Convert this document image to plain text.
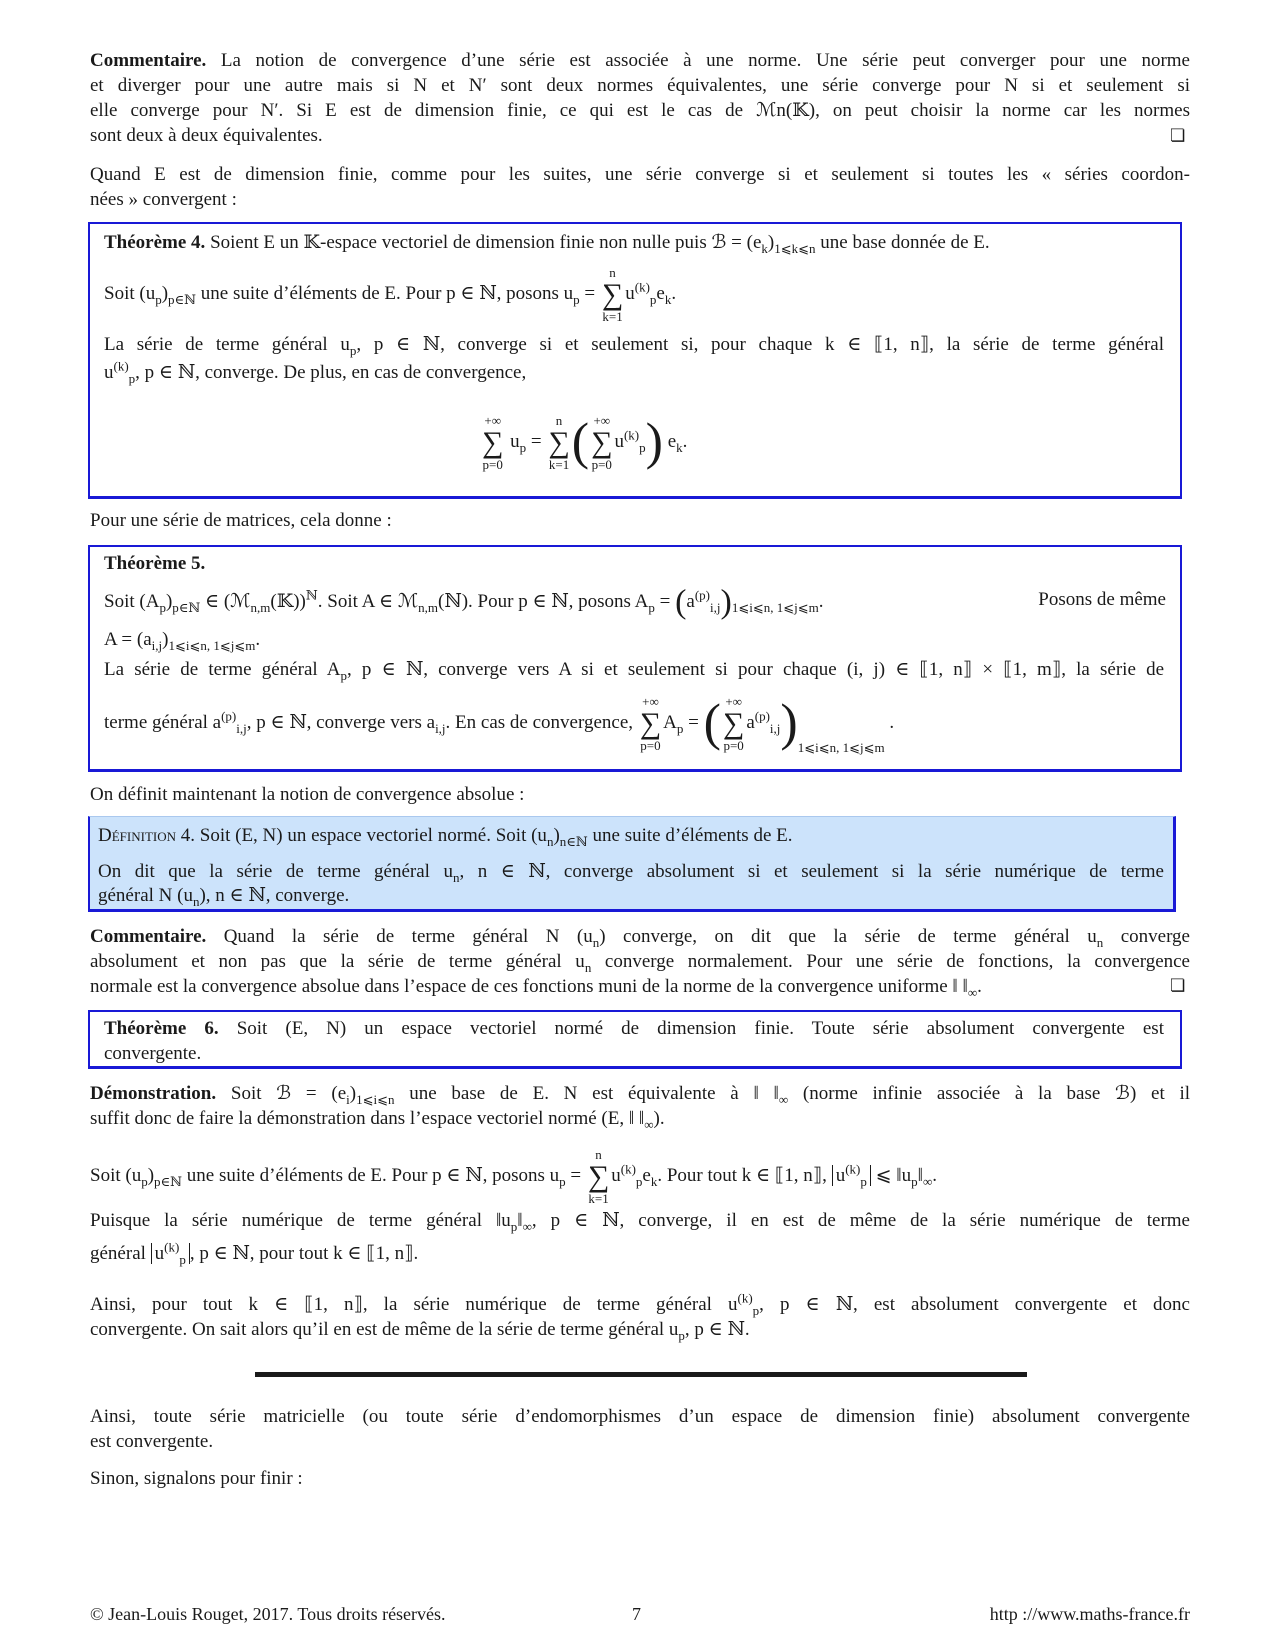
Commentaire. La notion de convergence d’une série est associée à une norme. Une série peut converger pour une norme
et diverger pour une autre mais si N et N′ sont deux normes équivalentes, une série converge pour N si et seulement si
elle converge pour N′. Si E est de dimension finie, ce qui est le cas de ℳn(𝕂), on peut choisir la norme car les normes
sont deux à deux équivalentes.	❏
Quand E est de dimension finie, comme pour les suites, une série converge si et seulement si toutes les « séries coordon-
nées » convergent :
Théorème 4. Soient E un 𝕂-espace vectoriel de dimension finie non nulle puis ℬ = $(e_k)_{1⩽k⩽n}$ une base donnée de E.
Soit $(u_p)_{p\in ℕ}$ une suite d’éléments de E. Pour p ∈ ℕ, posons $u_p$ =
n
∑
k=1
$u^{(k)}_pe_k$.
La série de terme général $u_p$, p ∈ ℕ, converge si et seulement si, pour chaque k ∈ ⟦1, n⟧, la série de terme général
$u^{(k)}_p$, p ∈ ℕ, converge. De plus, en cas de convergence,
+∞
∑
p=0
$u_p$ =
n
∑
k=1 ( +∞
∑
p=0
$u^{(k)}_p$) $e_k$.
Pour une série de matrices, cela donne :
Théorème 5.
Soit $(A_p)_{p\in ℕ}$ ∈ (ℳ$_{n,m}$(𝕂))$^ℕ$. Soit A ∈ ℳ$_{n,m}$(ℕ). Pour p ∈ ℕ, posons $A_p = (a^{(p)}_{i,j})_{1⩽i⩽n, 1⩽j⩽m}$.	Posons de même
$A = (a_{i,j})_{1⩽i⩽n, 1⩽j⩽m}$.
La série de terme général $A_p$, p ∈ ℕ, converge vers A si et seulement si pour chaque (i, j) ∈ ⟦1, n⟧ × ⟦1, m⟧, la série de
terme général $a^{(p)}_{i,j}$, p ∈ ℕ, converge vers $a_{i,j}$. En cas de convergence,
+∞
∑
p=0
$A_p$ = ( +∞
∑
p=0
$a^{(p)}_{i,j})_{1⩽i⩽n, 1⩽j⩽m}$ .
On définit maintenant la notion de convergence absolue :
Définition 4. Soit (E, N) un espace vectoriel normé. Soit $(u_n)_{n\in ℕ}$ une suite d’éléments de E.
On dit que la série de terme général $u_n$, n ∈ ℕ, converge absolument si et seulement si la série numérique de terme
général N $(u_n)$, n ∈ ℕ, converge.
Commentaire. Quand la série de terme général N $(u_n)$ converge, on dit que la série de terme général $u_n$ converge
absolument et non pas que la série de terme général $u_n$ converge normalement. Pour une série de fonctions, la convergence
normale est la convergence absolue dans l’espace de ces fonctions muni de la norme de la convergence uniforme ‖ $‖_\infty$.	❏
Théorème 6. Soit (E, N) un espace vectoriel normé de dimension finie. Toute série absolument convergente est
convergente.
Démonstration. Soit ℬ = $(e_i)_{1⩽i⩽n}$ une base de E. N est équivalente à ‖ $‖_\infty$ (norme infinie associée à la base ℬ) et il
suffit donc de faire la démonstration dans l’espace vectoriel normé (E, ‖ $‖_\infty$).
Soit $(u_p)_{p\in ℕ}$ une suite d’éléments de E. Pour p ∈ ℕ, posons $u_p$ =
n
∑
k=1
$u^{(k)}_pe_k$. Pour tout k ∈ ⟦1, n⟧, $u^{(k)}_p$ ⩽ $‖u_p‖_\infty$.
Puisque la série numérique de terme général $‖u_p‖_\infty$, p ∈ ℕ, converge, il en est de même de la série numérique de terme
général $u^{(k)}_p$ , p ∈ ℕ, pour tout k ∈ ⟦1, n⟧.
Ainsi, pour tout k ∈ ⟦1, n⟧, la série numérique de terme général $u^{(k)}_p$, p ∈ ℕ, est absolument convergente et donc
convergente. On sait alors qu’il en est de même de la série de terme général $u_p$, p ∈ ℕ.
Ainsi, toute série matricielle (ou toute série d’endomorphismes d’un espace de dimension finie) absolument convergente
est convergente.
Sinon, signalons pour finir :
© Jean-Louis Rouget, 2017. Tous droits réservés.	7	http ://www.maths-france.fr
